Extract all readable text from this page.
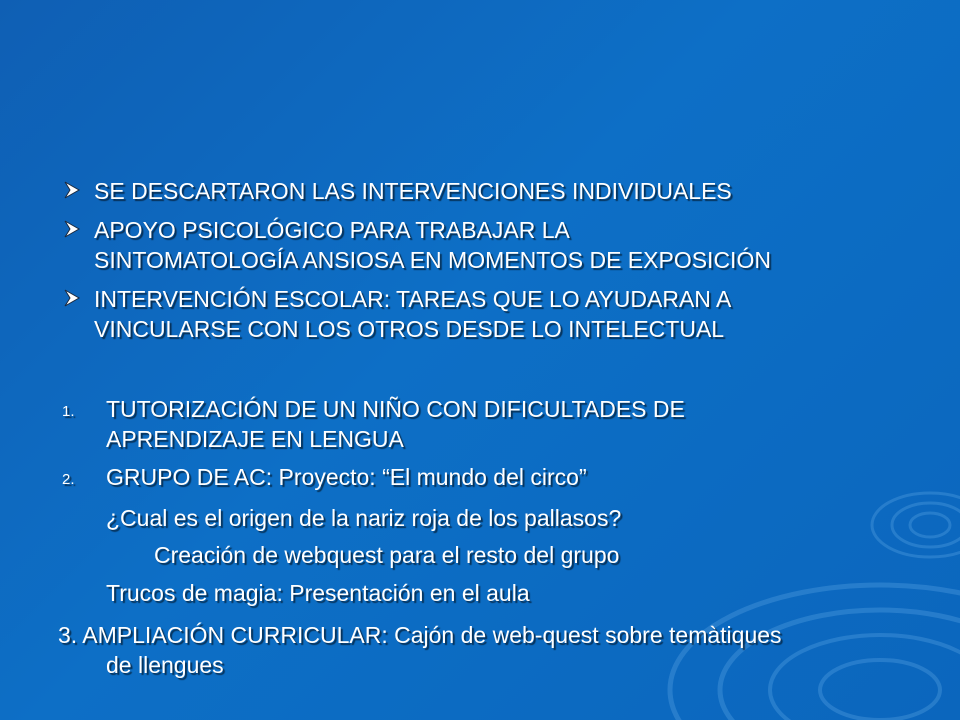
SE DESCARTARON LAS INTERVENCIONES INDIVIDUALES
APOYO PSICOLÓGICO PARA TRABAJAR LA
SINTOMATOLOGÍA ANSIOSA EN MOMENTOS DE EXPOSICIÓN
INTERVENCIÓN ESCOLAR: TAREAS QUE LO AYUDARAN A
VINCULARSE CON LOS OTROS DESDE LO INTELECTUAL
1. TUTORIZACIÓN DE UN NIÑO CON DIFICULTADES DE
APRENDIZAJE EN LENGUA
2. GRUPO DE AC: Proyecto: “El mundo del circo”
¿Cual es el origen de la nariz roja de los pallasos?
Creación de webquest para el resto del grupo
Trucos de magia: Presentación en el aula
3. AMPLIACIÓN CURRICULAR: Cajón de web-quest sobre temàtiques
de llengues
